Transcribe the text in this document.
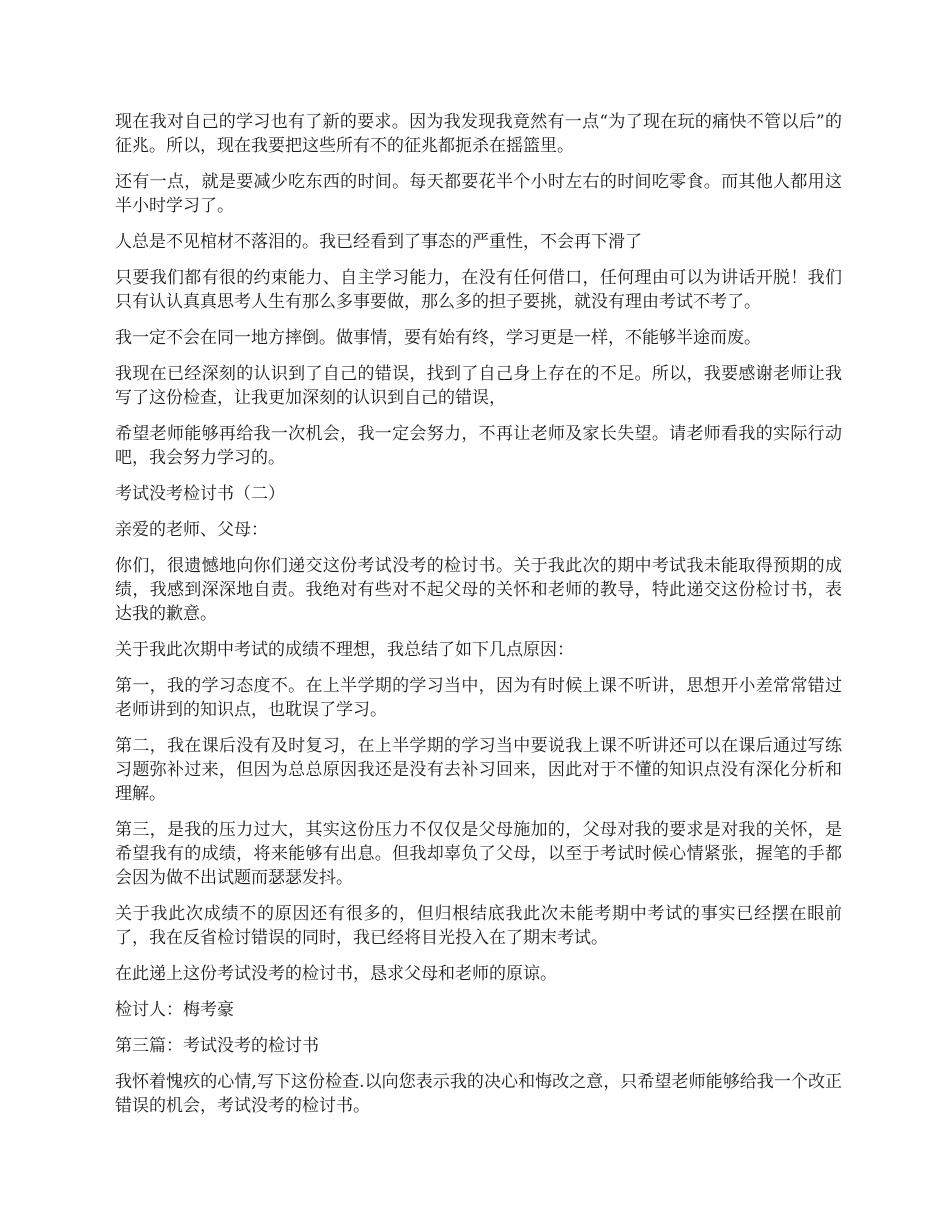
现在我对自己的学习也有了新的要求。因为我发现我竟然有一点“为了现在玩的痛快不管以后”的征兆。所以，现在我要把这些所有不的征兆都扼杀在摇篮里。

还有一点，就是要减少吃东西的时间。每天都要花半个小时左右的时间吃零食。而其他人都用这半小时学习了。

人总是不见棺材不落泪的。我已经看到了事态的严重性，不会再下滑了

只要我们都有很的约束能力、自主学习能力，在没有任何借口，任何理由可以为讲话开脱！我们只有认认真真思考人生有那么多事要做，那么多的担子要挑，就没有理由考试不考了。

我一定不会在同一地方摔倒。做事情，要有始有终，学习更是一样，不能够半途而废。

我现在已经深刻的认识到了自己的错误，找到了自己身上存在的不足。所以，我要感谢老师让我写了这份检查，让我更加深刻的认识到自己的错误，

希望老师能够再给我一次机会，我一定会努力，不再让老师及家长失望。请老师看我的实际行动吧，我会努力学习的。

考试没考检讨书（二）

亲爱的老师、父母：

你们，很遗憾地向你们递交这份考试没考的检讨书。关于我此次的期中考试我未能取得预期的成绩，我感到深深地自责。我绝对有些对不起父母的关怀和老师的教导，特此递交这份检讨书，表达我的歉意。

关于我此次期中考试的成绩不理想，我总结了如下几点原因：

第一，我的学习态度不。在上半学期的学习当中，因为有时候上课不听讲，思想开小差常常错过老师讲到的知识点，也耽误了学习。

第二，我在课后没有及时复习，在上半学期的学习当中要说我上课不听讲还可以在课后通过写练习题弥补过来，但因为总总原因我还是没有去补习回来，因此对于不懂的知识点没有深化分析和理解。

第三，是我的压力过大，其实这份压力不仅仅是父母施加的，父母对我的要求是对我的关怀，是希望我有的成绩，将来能够有出息。但我却辜负了父母，以至于考试时候心情紧张，握笔的手都会因为做不出试题而瑟瑟发抖。

关于我此次成绩不的原因还有很多的，但归根结底我此次未能考期中考试的事实已经摆在眼前了，我在反省检讨错误的同时，我已经将目光投入在了期末考试。

在此递上这份考试没考的检讨书，恳求父母和老师的原谅。

检讨人：梅考豪

第三篇：考试没考的检讨书

我怀着愧疚的心情,写下这份检查.以向您表示我的决心和悔改之意，只希望老师能够给我一个改正错误的机会，考试没考的检讨书。
